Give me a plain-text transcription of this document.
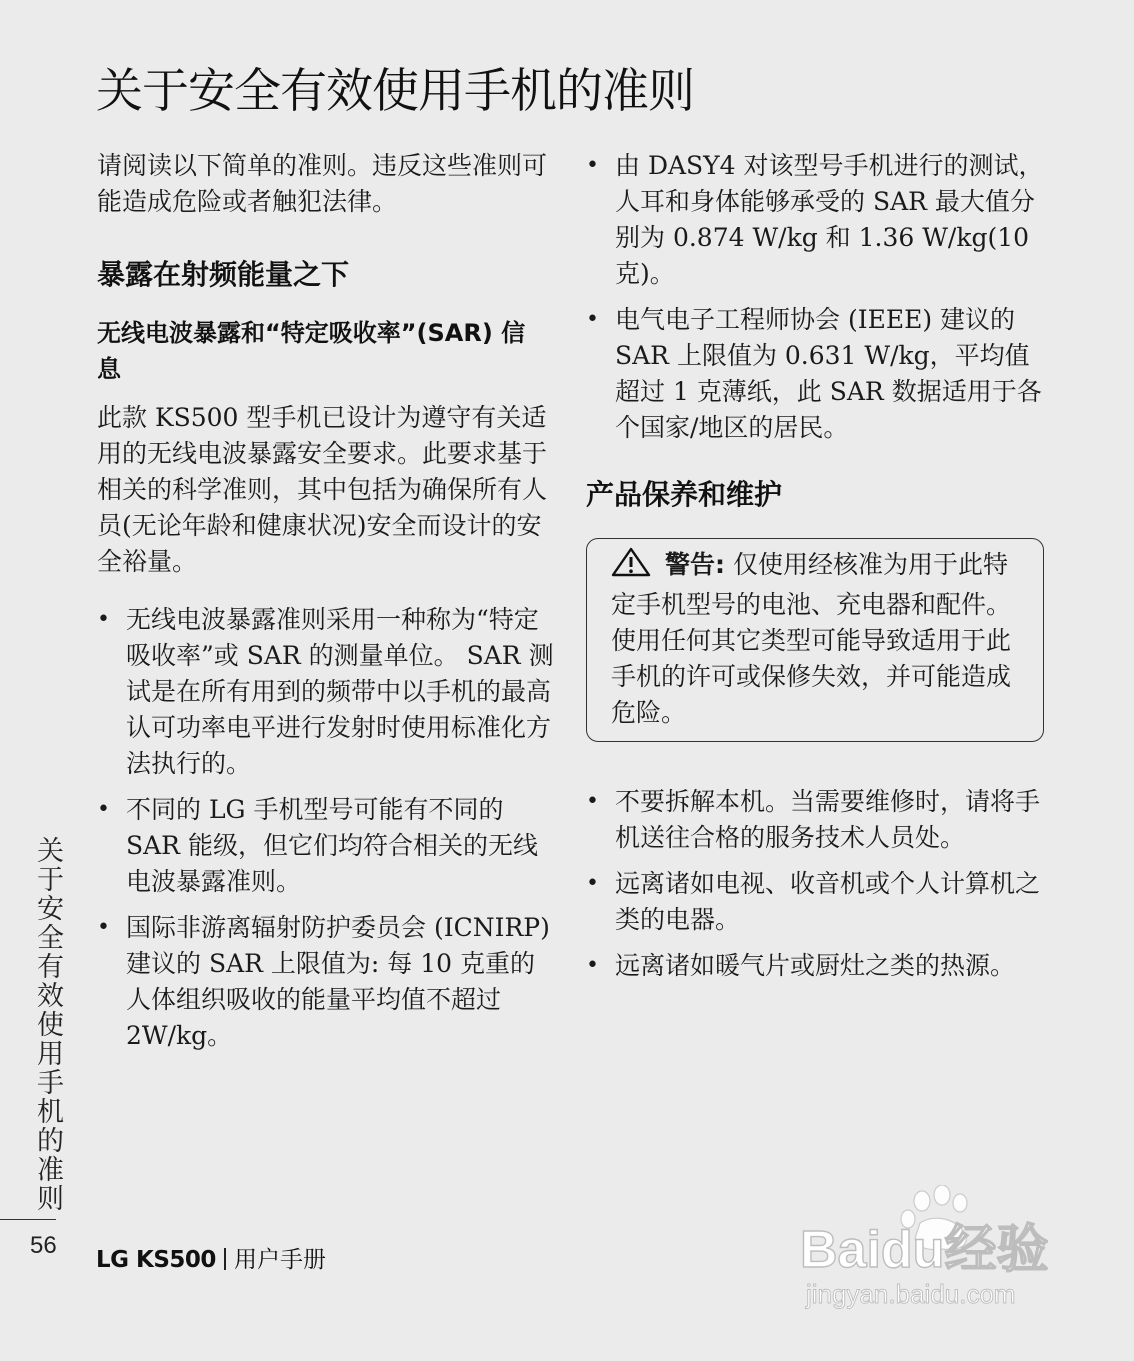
关于安全有效使用手机的准则

请阅读以下简单的准则。违反这些准则可能造成危险或者触犯法律。

暴露在射频能量之下
无线电波暴露和“特定吸收率”(SAR) 信息

此款 KS500 型手机已设计为遵守有关适用的无线电波暴露安全要求。此要求基于相关的科学准则，其中包括为确保所有人员(无论年龄和健康状况)安全而设计的安全裕量。

• 无线电波暴露准则采用一种称为“特定吸收率”或 SAR 的测量单位。 SAR 测试是在所有用到的频带中以手机的最高认可功率电平进行发射时使用标准化方法执行的。
• 不同的 LG 手机型号可能有不同的 SAR 能级，但它们均符合相关的无线电波暴露准则。
• 国际非游离辐射防护委员会 (ICNIRP) 建议的 SAR 上限值为: 每 10 克重的人体组织吸收的能量平均值不超过 2W/kg。
• 由 DASY4 对该型号手机进行的测试，人耳和身体能够承受的 SAR 最大值分别为 0.874 W/kg 和 1.36 W/kg(10 克)。
• 电气电子工程师协会 (IEEE) 建议的 SAR 上限值为 0.631 W/kg，平均值超过 1 克薄纸，此 SAR 数据适用于各个国家/地区的居民。
产品保养和维护
警告: 仅使用经核准为用于此特定手机型号的电池、充电器和配件。使用任何其它类型可能导致适用于此手机的许可或保修失效，并可能造成危险。
• 不要拆解本机。当需要维修时，请将手机送往合格的服务技术人员处。
• 远离诸如电视、收音机或个人计算机之类的电器。
• 远离诸如暖气片或厨灶之类的热源。
关于安全有效使用手机的准则
56
LG KS500 用户手册	Baidu经验
jingyan.baidu.com
